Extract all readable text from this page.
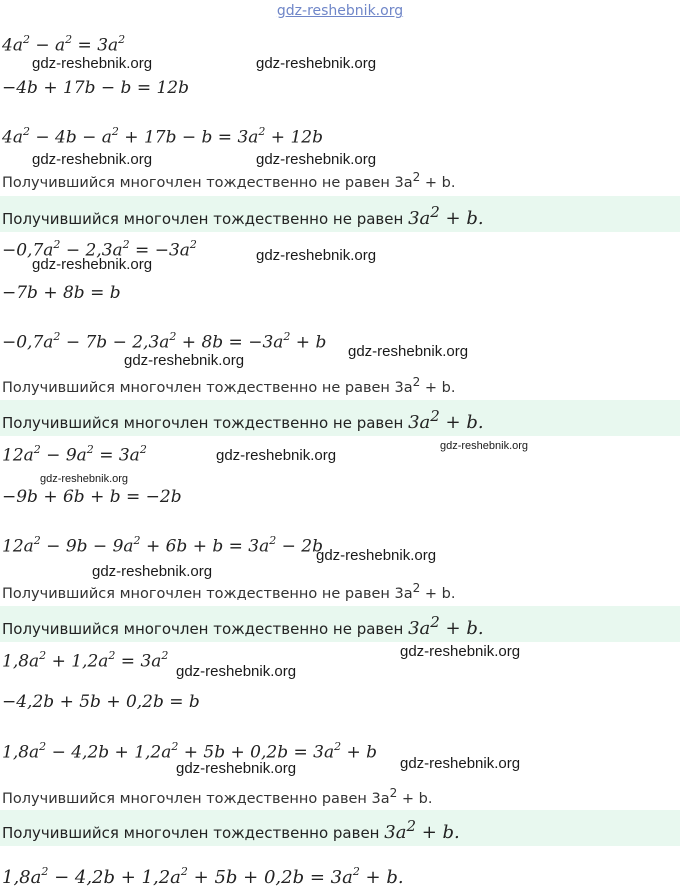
gdz-reshebnik.org
$4a^2 - a^2 = 3a^2$
−4b + 17b − b = 12b
$4a^2 - 4b - a^2 + 17b - b = 3a^2 + 12b$
Получившийся многочлен тождественно не равен $3a^2 + b$.
Получившийся многочлен тождественно не равен $3a^2 + b$.
$-0,7a^2 - 2,3a^2 = -3a^2$
−7b + 8b = b
$-0,7a^2 - 7b - 2,3a^2 + 8b = -3a^2 + b$
Получившийся многочлен тождественно не равен $3a^2 + b$.
Получившийся многочлен тождественно не равен $3a^2 + b$.
$12a^2 - 9a^2 = 3a^2$
−9b + 6b + b = −2b
$12a^2 - 9b - 9a^2 + 6b + b = 3a^2 - 2b$
Получившийся многочлен тождественно не равен $3a^2 + b$.
Получившийся многочлен тождественно не равен $3a^2 + b$.
$1,8a^2 + 1,2a^2 = 3a^2$
−4,2b + 5b + 0,2b = b
$1,8a^2 - 4,2b + 1,2a^2 + 5b + 0,2b = 3a^2 + b$
Получившийся многочлен тождественно равен $3a^2 + b$.
Получившийся многочлен тождественно равен $3a^2 + b$.
$1,8a^2 - 4,2b + 1,2a^2 + 5b + 0,2b = 3a^2 + b$.
gdz-reshebnik.org	gdz-reshebnik.org
gdz-reshebnik.org	gdz-reshebnik.org
gdz-reshebnik.org
gdz-reshebnik.org
gdz-reshebnik.org
gdz-reshebnik.org
gdz-reshebnik.org
gdz-reshebnik.org
gdz-reshebnik.org
gdz-reshebnik.org
gdz-reshebnik.org
gdz-reshebnik.org
gdz-reshebnik.org
gdz-reshebnik.org	gdz-reshebnik.org
